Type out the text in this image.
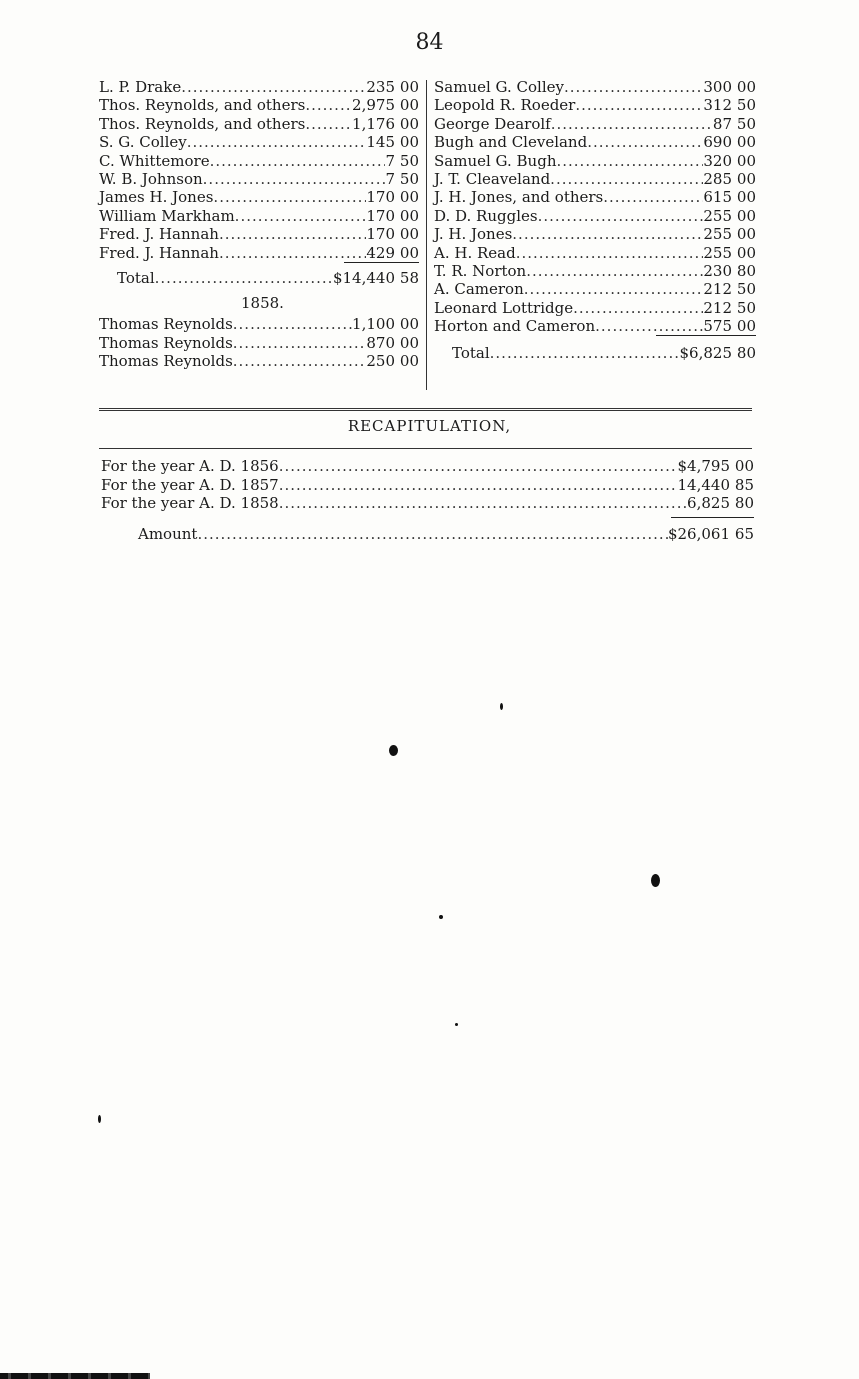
84
L. P. Drake .....	235 00
Thos. Reynolds, and others .....	2,975 00
Thos. Reynolds, and others .....	1,176 00
S. G. Colley .....	145 00
C. Whittemore .....	7 50
W. B. Johnson .....	7 50
James H. Jones .....	170 00
William Markham .....	170 00
Fred. J. Hannah .....	170 00
Fred. J. Hannah .....	429 00
Total .....	$14,440 58
1858.
Thomas Reynolds .....	1,100 00
Thomas Reynolds .....	870 00
Thomas Reynolds .....	250 00
Samuel G. Colley .....	300 00
Leopold R. Roeder .....	312 50
George Dearolf .....	87 50
Bugh and Cleveland .....	690 00
Samuel G. Bugh .....	320 00
J. T. Cleaveland .....	285 00
J. H. Jones, and others .....	615 00
D. D. Ruggles .....	255 00
J. H. Jones .....	255 00
A. H. Read .....	255 00
T. R. Norton .....	230 80
A. Cameron .....	212 50
Leonard Lottridge .....	212 50
Horton and Cameron .....	575 00
Total .....	$6,825 80
RECAPITULATION,
For the year A. D. 1856 .....	$4,795 00
For the year A. D. 1857 .....	14,440 85
For the year A. D. 1858 .....	6,825 80
Amount .....	$26,061 65
